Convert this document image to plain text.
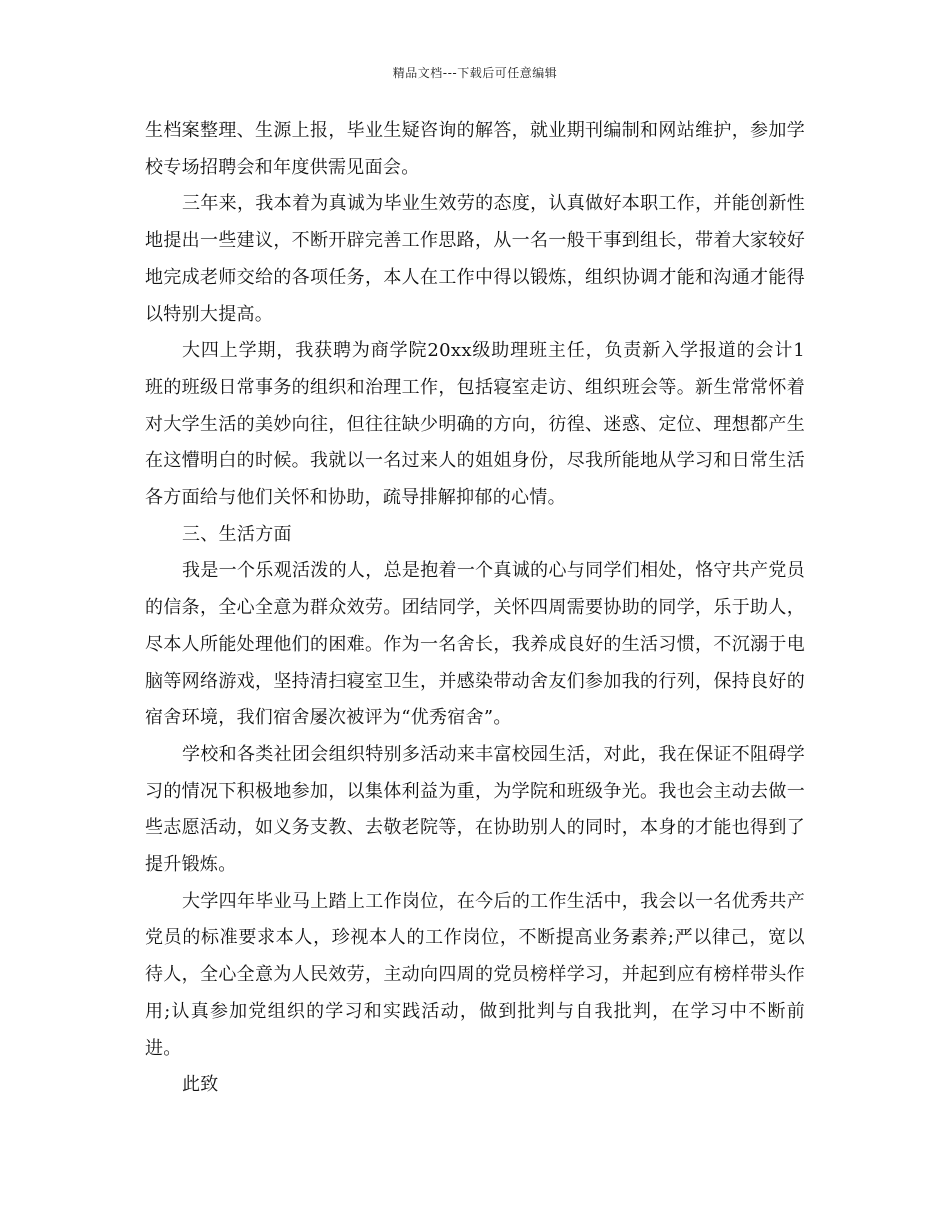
精品文档---下载后可任意编辑

生档案整理、生源上报，毕业生疑咨询的解答，就业期刊编制和网站维护，参加学校专场招聘会和年度供需见面会。

三年来，我本着为真诚为毕业生效劳的态度，认真做好本职工作，并能创新性地提出一些建议，不断开辟完善工作思路，从一名一般干事到组长，带着大家较好地完成老师交给的各项任务，本人在工作中得以锻炼，组织协调才能和沟通才能得以特别大提高。

大四上学期，我获聘为商学院20xx级助理班主任，负责新入学报道的会计1班的班级日常事务的组织和治理工作，包括寝室走访、组织班会等。新生常常怀着对大学生活的美妙向往，但往往缺少明确的方向，彷徨、迷惑、定位、理想都产生在这懵明白的时候。我就以一名过来人的姐姐身份，尽我所能地从学习和日常生活各方面给与他们关怀和协助，疏导排解抑郁的心情。

三、生活方面

我是一个乐观活泼的人，总是抱着一个真诚的心与同学们相处，恪守共产党员的信条，全心全意为群众效劳。团结同学，关怀四周需要协助的同学，乐于助人，尽本人所能处理他们的困难。作为一名舍长，我养成良好的生活习惯，不沉溺于电脑等网络游戏，坚持清扫寝室卫生，并感染带动舍友们参加我的行列，保持良好的宿舍环境，我们宿舍屡次被评为“优秀宿舍”。

学校和各类社团会组织特别多活动来丰富校园生活，对此，我在保证不阻碍学习的情况下积极地参加，以集体利益为重，为学院和班级争光。我也会主动去做一些志愿活动，如义务支教、去敬老院等，在协助别人的同时，本身的才能也得到了提升锻炼。

大学四年毕业马上踏上工作岗位，在今后的工作生活中，我会以一名优秀共产党员的标准要求本人，珍视本人的工作岗位，不断提高业务素养;严以律己，宽以待人，全心全意为人民效劳，主动向四周的党员榜样学习，并起到应有榜样带头作用;认真参加党组织的学习和实践活动，做到批判与自我批判，在学习中不断前进。

此致
